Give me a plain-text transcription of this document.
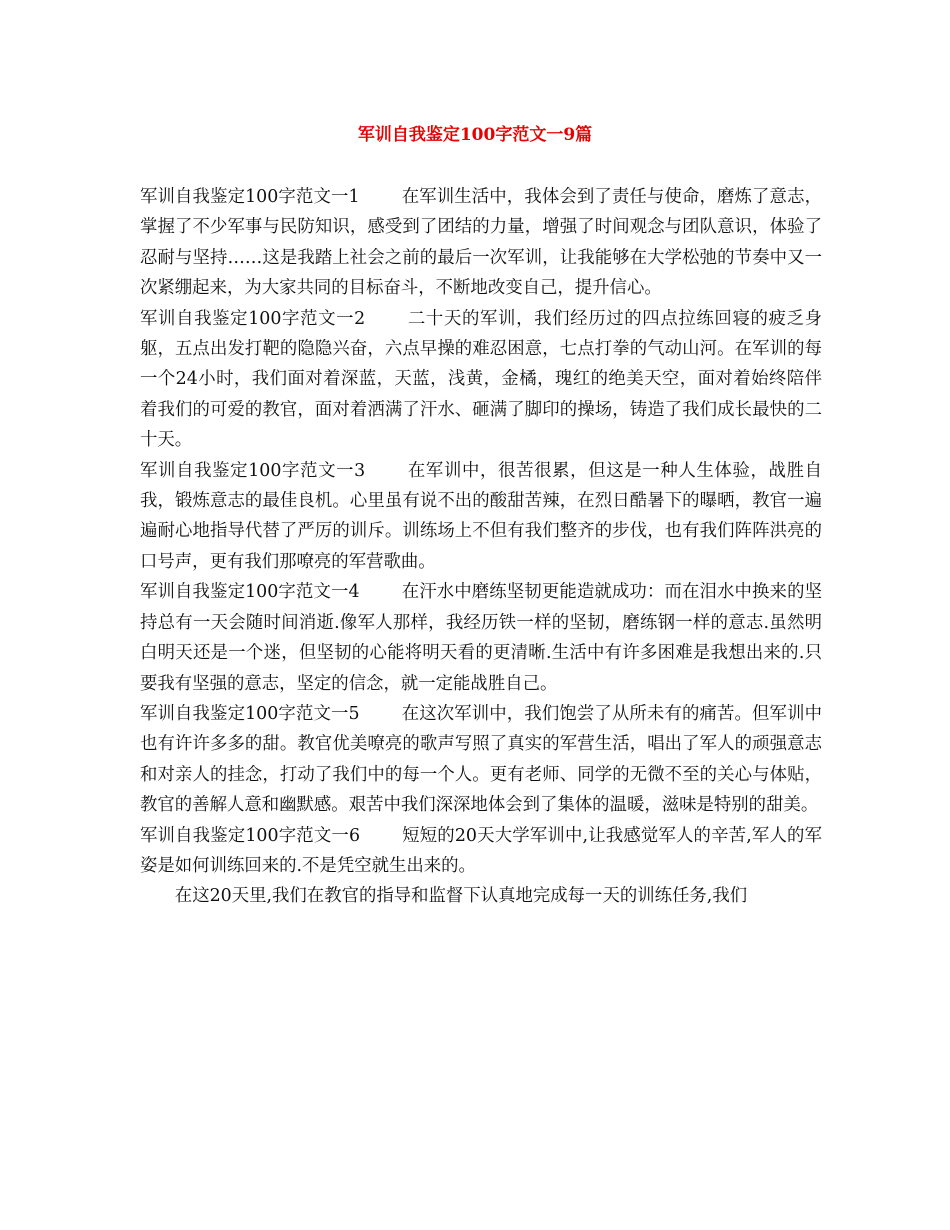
军训自我鉴定100字范文一9篇

军训自我鉴定100字范文一1 在军训生活中，我体会到了责任与使命，磨炼了意志，掌握了不少军事与民防知识，感受到了团结的力量，增强了时间观念与团队意识，体验了忍耐与坚持……这是我踏上社会之前的最后一次军训，让我能够在大学松弛的节奏中又一次紧绷起来，为大家共同的目标奋斗，不断地改变自己，提升信心。

军训自我鉴定100字范文一2 二十天的军训，我们经历过的四点拉练回寝的疲乏身躯，五点出发打靶的隐隐兴奋，六点早操的难忍困意，七点打拳的气动山河。在军训的每一个24小时，我们面对着深蓝，天蓝，浅黄，金橘，瑰红的绝美天空，面对着始终陪伴着我们的可爱的教官，面对着洒满了汗水、砸满了脚印的操场，铸造了我们成长最快的二十天。

军训自我鉴定100字范文一3 在军训中，很苦很累，但这是一种人生体验，战胜自我，锻炼意志的最佳良机。心里虽有说不出的酸甜苦辣，在烈日酷暑下的曝晒，教官一遍遍耐心地指导代替了严厉的训斥。训练场上不但有我们整齐的步伐，也有我们阵阵洪亮的口号声，更有我们那嘹亮的军营歌曲。

军训自我鉴定100字范文一4 在汗水中磨练坚韧更能造就成功：而在泪水中换来的坚持总有一天会随时间消逝.像军人那样，我经历铁一样的坚韧，磨练钢一样的意志.虽然明白明天还是一个迷，但坚韧的心能将明天看的更清晰.生活中有许多困难是我想出来的.只要我有坚强的意志，坚定的信念，就一定能战胜自己。

军训自我鉴定100字范文一5 在这次军训中，我们饱尝了从所未有的痛苦。但军训中也有许许多多的甜。教官优美嘹亮的歌声写照了真实的军营生活，唱出了军人的顽强意志和对亲人的挂念，打动了我们中的每一个人。更有老师、同学的无微不至的关心与体贴，教官的善解人意和幽默感。艰苦中我们深深地体会到了集体的温暖，滋味是特别的甜美。

军训自我鉴定100字范文一6 短短的20天大学军训中,让我感觉军人的辛苦,军人的军姿是如何训练回来的.不是凭空就生出来的。

在这20天里,我们在教官的指导和监督下认真地完成每一天的训练任务,我们
